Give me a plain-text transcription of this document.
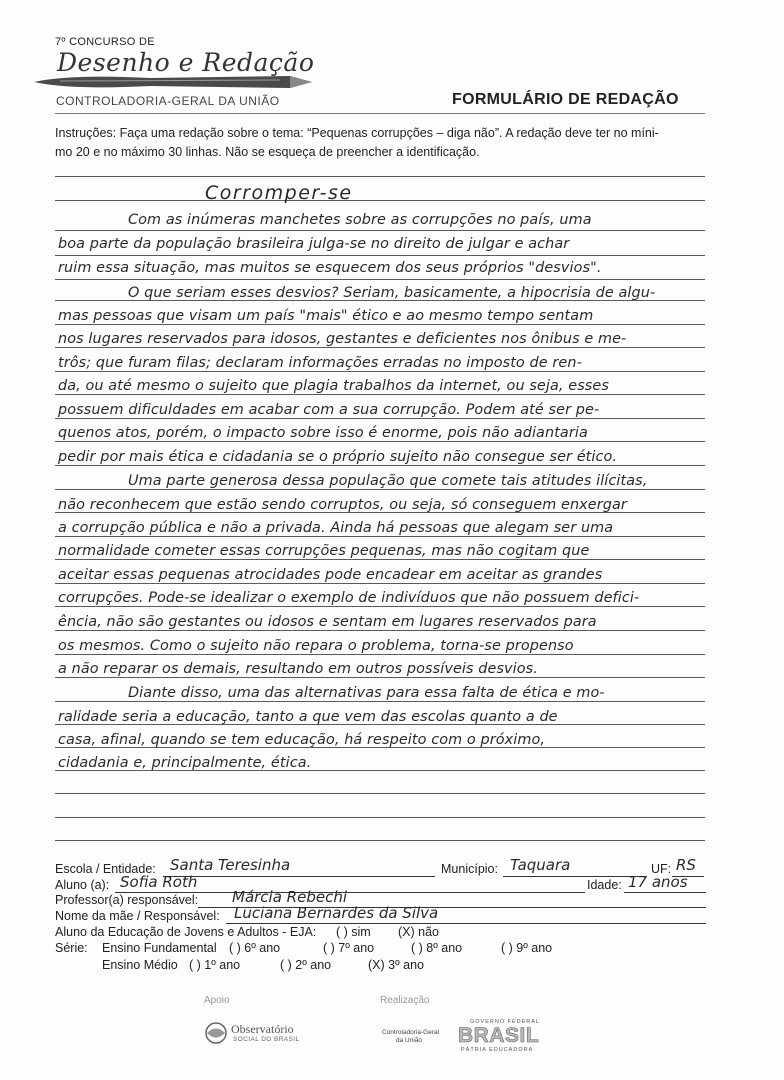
7º CONCURSO DE
Desenho e Redação
CONTROLADORIA-GERAL DA UNIÃO	FORMULÁRIO DE REDAÇÃO
Instruções: Faça uma redação sobre o tema: “Pequenas corrupções – diga não”. A redação deve ter no míni-
mo 20 e no máximo 30 linhas. Não se esqueça de preencher a identificação.
Corromper-se
Com as inúmeras manchetes sobre as corrupções no país, uma
boa parte da população brasileira julga-se no direito de julgar e achar
ruim essa situação, mas muitos se esquecem dos seus próprios "desvios".
O que seriam esses desvios? Seriam, basicamente, a hipocrisia de algu-
mas pessoas que visam um país "mais" ético e ao mesmo tempo sentam
nos lugares reservados para idosos, gestantes e deficientes nos ônibus e me-
trôs; que furam filas; declaram informações erradas no imposto de ren-
da, ou até mesmo o sujeito que plagia trabalhos da internet, ou seja, esses
possuem dificuldades em acabar com a sua corrupção. Podem até ser pe-
quenos atos, porém, o impacto sobre isso é enorme, pois não adiantaria
pedir por mais ética e cidadania se o próprio sujeito não consegue ser ético.
Uma parte generosa dessa população que comete tais atitudes ilícitas,
não reconhecem que estão sendo corruptos, ou seja, só conseguem enxergar
a corrupção pública e não a privada. Ainda há pessoas que alegam ser uma
normalidade cometer essas corrupções pequenas, mas não cogitam que
aceitar essas pequenas atrocidades pode encadear em aceitar as grandes
corrupções. Pode-se idealizar o exemplo de indivíduos que não possuem defici-
ência, não são gestantes ou idosos e sentam em lugares reservados para
os mesmos. Como o sujeito não repara o problema, torna-se propenso
a não reparar os demais, resultando em outros possíveis desvios.
Diante disso, uma das alternativas para essa falta de ética e mo-
ralidade seria a educação, tanto a que vem das escolas quanto a de
casa, afinal, quando se tem educação, há respeito com o próximo,
cidadania e, principalmente, ética.
Escola / Entidade: Santa Teresinha	Município: Taquara	UF: RS
Aluno (a): Sofia Roth	Idade: 17 anos
Professor(a) responsável: Márcia Rebechi
Nome da mãe / Responsável: Luciana Bernardes da Silva
Aluno da Educação de Jovens e Adultos - EJA: ( ) sim (X) não
Série: Ensino Fundamental ( ) 6º ano	( ) 7º ano	( ) 8º ano	( ) 9º ano
Ensino Médio ( ) 1º ano	( ) 2º ano	(X) 3º ano
Apoio	Realização
Observatório
SOCIAL DO BRASIL
Controladoria-Geral
da União
GOVERNO FEDERAL
BRASIL
PÁTRIA EDUCADORA
